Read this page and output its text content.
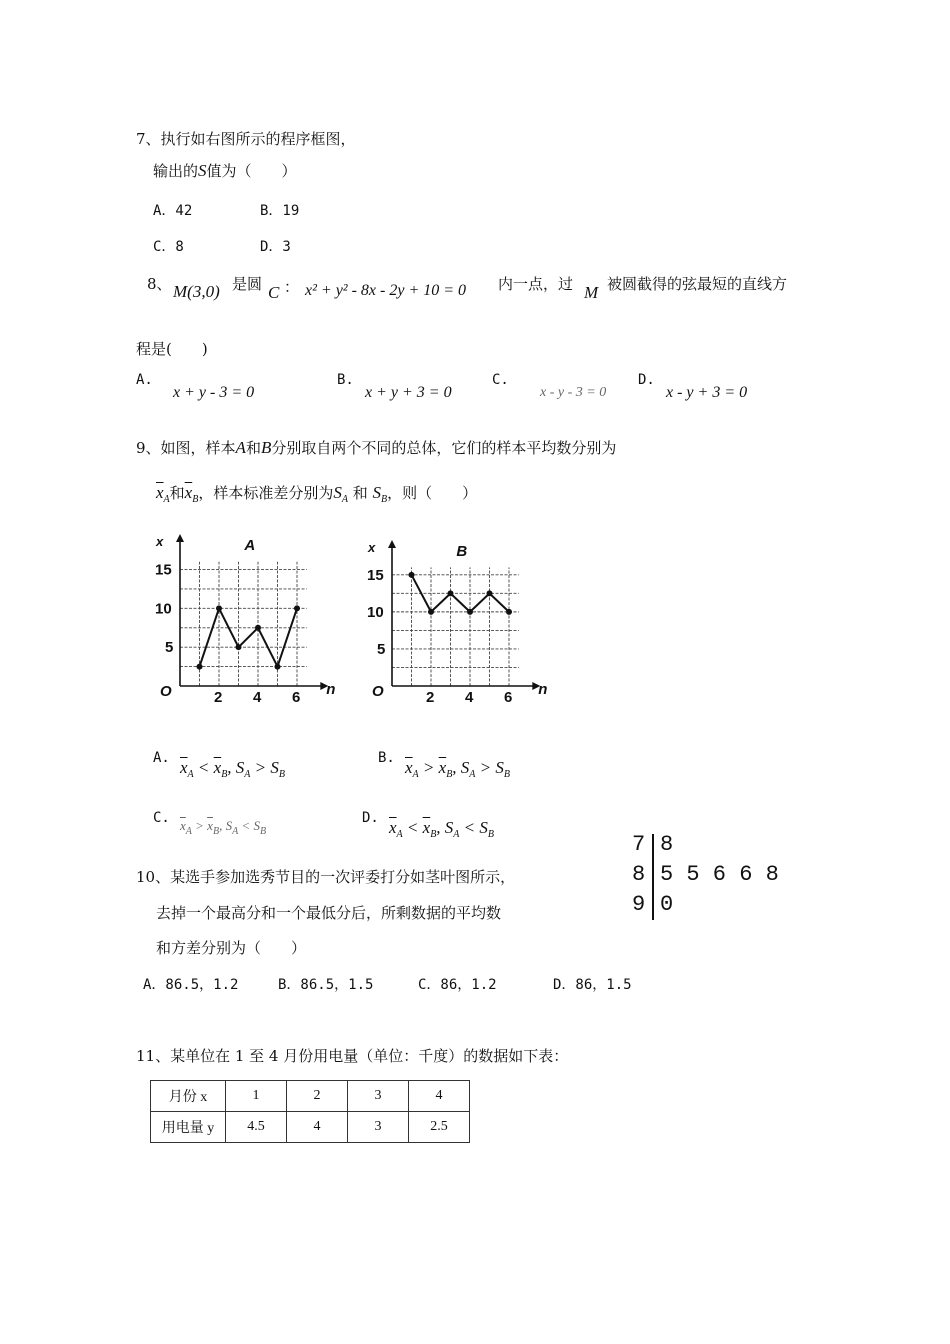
7、执行如右图所示的程序框图，
输出的S值为（　　）
A．42	B．19
C．8	D．3
8、 M(3,0) 是圆 C ： x² + y² - 8x - 2y + 10 = 0 内一点，过 M 被圆截得的弦最短的直线方
程是(　　)
A.
x + y - 3 = 0
B.
x + y + 3 = 0
C.
x - y - 3 = 0
D.
x - y + 3 = 0
9、如图，样本A和B分别取自两个不同的总体，它们的样本平均数分别为
$\overline{x}_A$和$\overline{x}_B$，样本标准差分别为$S_A$ 和 $S_B$，则（　　）
x	A
O	n
2 4 6
5
10
15
x	B
O	n
2 4 6
5
10
15
A. $\overline{x}_A < \overline{x}_B$, $S_A > S_B$
B. $\overline{x}_A > \overline{x}_B$, $S_A > S_B$
C. $\overline{x}_A > \overline{x}_B$, $S_A < S_B$
D. $\overline{x}_A < \overline{x}_B$, $S_A < S_B$
10、某选手参加选秀节目的一次评委打分如茎叶图所示，
去掉一个最高分和一个最低分后，所剩数据的平均数
和方差分别为（　　）
A．86.5，1.2	B．86.5，1.5	C．86，1.2	D．86，1.5
7 8
8 5 5 6 6 8
9 0
11、某单位在 1 至 4 月份用电量（单位：千度）的数据如下表：
月份 x	1	2	3	4
用电量 y	4.5	4	3	2.5
